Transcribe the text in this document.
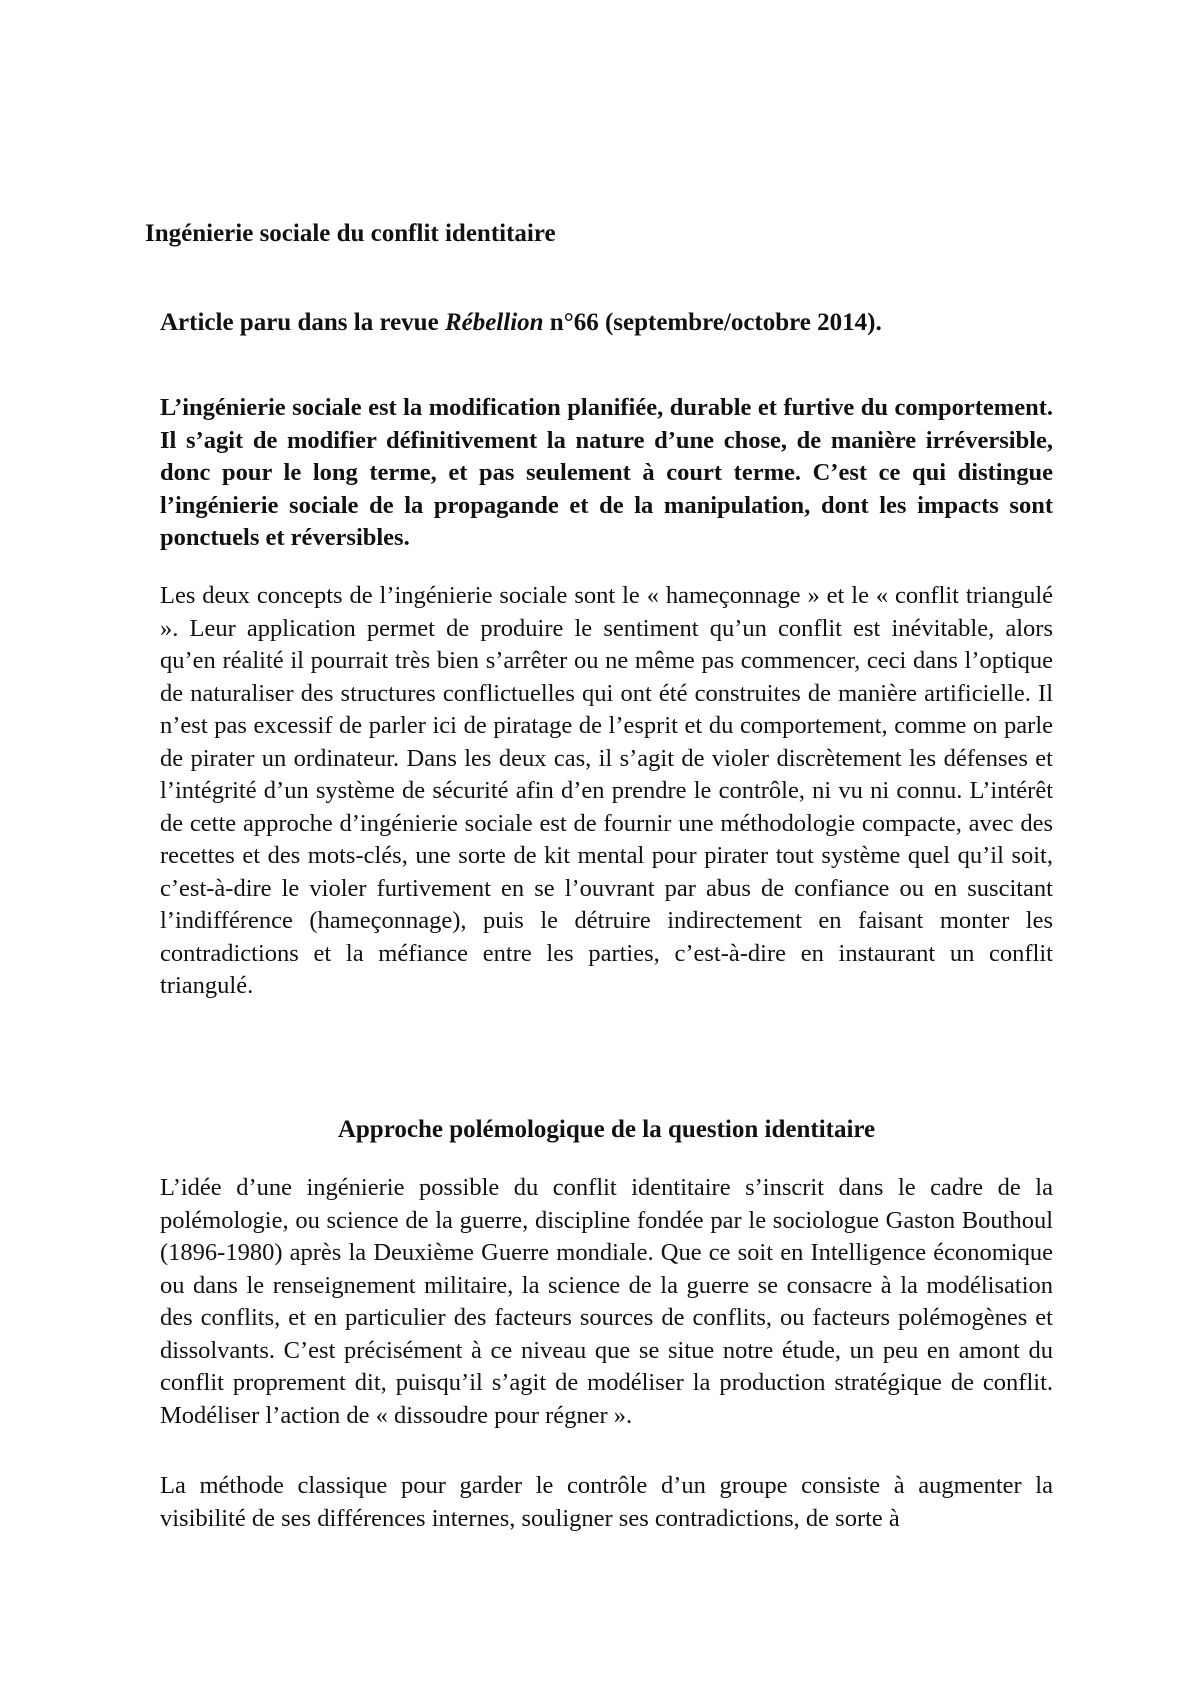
Ingénierie sociale du conflit identitaire

Article paru dans la revue Rébellion n°66 (septembre/octobre 2014).

L’ingénierie sociale est la modification planifiée, durable et furtive du comportement. Il s’agit de modifier définitivement la nature d’une chose, de manière irréversible, donc pour le long terme, et pas seulement à court terme. C’est ce qui distingue l’ingénierie sociale de la propagande et de la manipulation, dont les impacts sont ponctuels et réversibles.

Les deux concepts de l’ingénierie sociale sont le « hameçonnage » et le « conflit triangulé ». Leur application permet de produire le sentiment qu’un conflit est inévitable, alors qu’en réalité il pourrait très bien s’arrêter ou ne même pas commencer, ceci dans l’optique de naturaliser des structures conflictuelles qui ont été construites de manière artificielle. Il n’est pas excessif de parler ici de piratage de l’esprit et du comportement, comme on parle de pirater un ordinateur. Dans les deux cas, il s’agit de violer discrètement les défenses et l’intégrité d’un système de sécurité afin d’en prendre le contrôle, ni vu ni connu. L’intérêt de cette approche d’ingénierie sociale est de fournir une méthodologie compacte, avec des recettes et des mots-clés, une sorte de kit mental pour pirater tout système quel qu’il soit, c’est-à-dire le violer furtivement en se l’ouvrant par abus de confiance ou en suscitant l’indifférence (hameçonnage), puis le détruire indirectement en faisant monter les contradictions et la méfiance entre les parties, c’est-à-dire en instaurant un conflit triangulé.

Approche polémologique de la question identitaire

L’idée d’une ingénierie possible du conflit identitaire s’inscrit dans le cadre de la polémologie, ou science de la guerre, discipline fondée par le sociologue Gaston Bouthoul (1896-1980) après la Deuxième Guerre mondiale. Que ce soit en Intelligence économique ou dans le renseignement militaire, la science de la guerre se consacre à la modélisation des conflits, et en particulier des facteurs sources de conflits, ou facteurs polémogènes et dissolvants. C’est précisément à ce niveau que se situe notre étude, un peu en amont du conflit proprement dit, puisqu’il s’agit de modéliser la production stratégique de conflit. Modéliser l’action de « dissoudre pour régner ».

La méthode classique pour garder le contrôle d’un groupe consiste à augmenter la visibilité de ses différences internes, souligner ses contradictions, de sorte à
